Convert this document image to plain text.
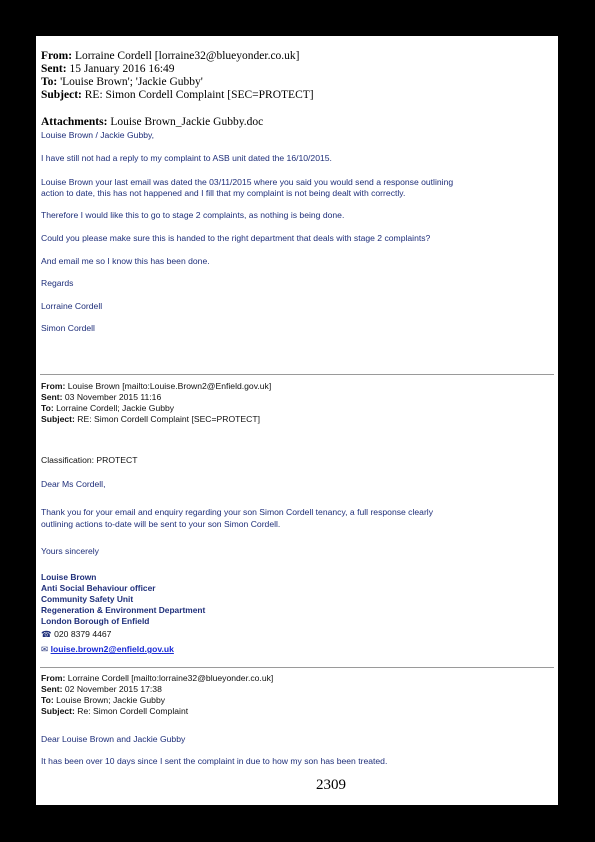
From: Lorraine Cordell [lorraine32@blueyonder.co.uk]
Sent: 15 January 2016 16:49
To: 'Louise Brown'; 'Jackie Gubby'
Subject: RE: Simon Cordell Complaint [SEC=PROTECT]
Attachments: Louise Brown_Jackie Gubby.doc
Louise Brown / Jackie Gubby,
I have still not had a reply to my complaint to ASB unit dated the 16/10/2015.
Louise Brown your last email was dated the 03/11/2015 where you said you would send a response outlining
action to date, this has not happened and I fill that my complaint is not being dealt with correctly.
Therefore I would like this to go to stage 2 complaints, as nothing is being done.
Could you please make sure this is handed to the right department that deals with stage 2 complaints?
And email me so I know this has been done.
Regards
Lorraine Cordell
Simon Cordell
From: Louise Brown [mailto:Louise.Brown2@Enfield.gov.uk]
Sent: 03 November 2015 11:16
To: Lorraine Cordell; Jackie Gubby
Subject: RE: Simon Cordell Complaint [SEC=PROTECT]
Classification: PROTECT
Dear Ms Cordell,
Thank you for your email and enquiry regarding your son Simon Cordell tenancy, a full response clearly
outlining actions to-date will be sent to your son Simon Cordell.
Yours sincerely
Louise Brown
Anti Social Behaviour officer
Community Safety Unit
Regeneration & Environment Department
London Borough of Enfield
☎ 020 8379 4467
✉ louise.brown2@enfield.gov.uk
From: Lorraine Cordell [mailto:lorraine32@blueyonder.co.uk]
Sent: 02 November 2015 17:38
To: Louise Brown; Jackie Gubby
Subject: Re: Simon Cordell Complaint
Dear Louise Brown and Jackie Gubby
It has been over 10 days since I sent the complaint in due to how my son has been treated.
2309
